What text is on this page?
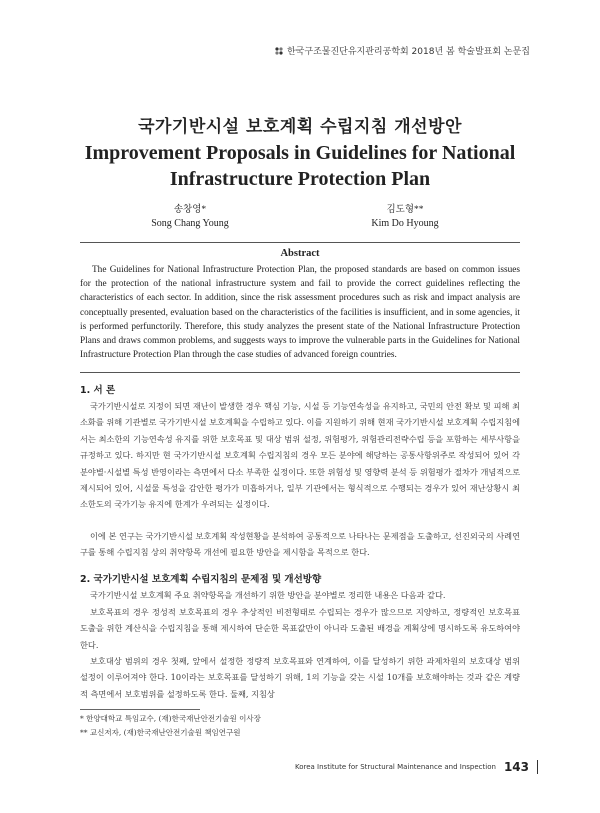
한국구조물진단유지관리공학회 2018년 봄 학술발표회 논문집
국가기반시설 보호계획 수립지침 개선방안
Improvement Proposals in Guidelines for National Infrastructure Protection Plan
송창영*
Song Chang Young
김도형**
Kim Do Hyoung
Abstract

The Guidelines for National Infrastructure Protection Plan, the proposed standards are based on common issues for the protection of the national infrastructure system and fail to provide the correct guidelines reflecting the characteristics of each sector. In addition, since the risk assessment procedures such as risk and impact analysis are conceptually presented, evaluation based on the characteristics of the facilities is insufficient, and in some agencies, it is performed perfunctorily. Therefore, this study analyzes the present state of the National Infrastructure Protection Plans and draws common problems, and suggests ways to improve the vulnerable parts in the Guidelines for National Infrastructure Protection Plan through the case studies of advanced foreign countries.

1. 서 론

국가기반시설로 지정이 되면 재난이 발생한 경우 핵심 기능, 시설 등 기능연속성을 유지하고, 국민의 안전 확보 및 피해 최소화를 위해 기관별로 국가기반시설 보호계획을 수립하고 있다. 이를 지원하기 위해 현재 국가기반시설 보호계획 수립지침에서는 최소한의 기능연속성 유지를 위한 보호목표 및 대상 범위 설정, 위험평가, 위험관리전략수립 등을 포함하는 세부사항을 규정하고 있다. 하지만 현 국가기반시설 보호계획 수립지침의 경우 모든 분야에 해당하는 공통사항위주로 작성되어 있어 각 분야별·시설별 특성 반영이라는 측면에서 다소 부족한 실정이다. 또한 위험성 및 영향력 분석 등 위험평가 절차가 개념적으로 제시되어 있어, 시설물 특성을 감안한 평가가 미흡하거나, 일부 기관에서는 형식적으로 수행되는 경우가 있어 재난상황시 최소한도의 국가기능 유지에 한계가 우려되는 실정이다.

이에 본 연구는 국가기반시설 보호계획 작성현황을 분석하여 공통적으로 나타나는 문제점을 도출하고, 선진외국의 사례연구를 통해 수립지침 상의 취약항목 개선에 필요한 방안을 제시함을 목적으로 한다.

2. 국가기반시설 보호계획 수립지침의 문제점 및 개선방향

국가기반시설 보호계획 주요 취약항목을 개선하기 위한 방안을 분야별로 정리한 내용은 다음과 같다.

보호목표의 경우 정성적 보호목표의 경우 추상적인 비전형태로 수립되는 경우가 많으므로 지양하고, 정량적인 보호목표 도출을 위한 계산식을 수립지침을 통해 제시하여 단순한 목표값만이 아니라 도출된 배경을 계획상에 명시하도록 유도하여야 한다.

보호대상 범위의 경우 첫째, 앞에서 설정한 정량적 보호목표와 연계하여, 이를 달성하기 위한 과제차원의 보호대상 범위 설정이 이루어져야 한다. 10이라는 보호목표를 달성하기 위해, 1의 기능을 갖는 시설 10개를 보호해야하는 것과 같은 계량적 측면에서 보호범위를 설정하도록 한다. 둘째, 지침상

* 한양대학교 특임교수, (재)한국재난안전기술원 이사장
** 교신저자, (재)한국재난안전기술원 책임연구원
Korea Institute for Structural Maintenance and Inspection 143
